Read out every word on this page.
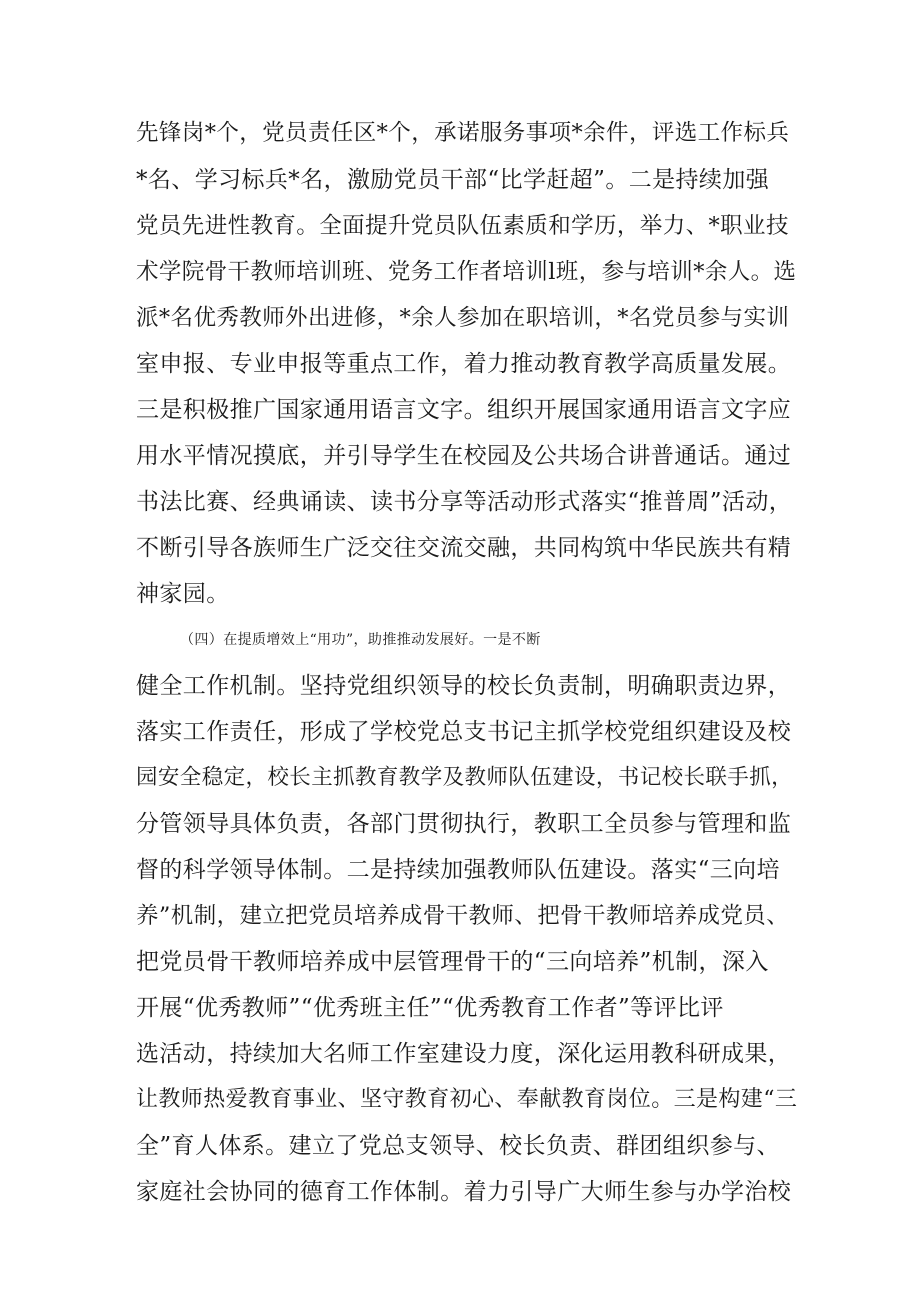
先锋岗*个，党员责任区*个，承诺服务事项*余件，评选工作标兵
*名、学习标兵*名，激励党员干部“比学赶超”。二是持续加强
党员先进性教育。全面提升党员队伍素质和学历，举力、*职业技
术学院骨干教师培训班、党务工作者培训l班，参与培训*余人。选
派*名优秀教师外出进修，*余人参加在职培训，*名党员参与实训
室申报、专业申报等重点工作，着力推动教育教学高质量发展。
三是积极推广国家通用语言文字。组织开展国家通用语言文字应
用水平情况摸底，并引导学生在校园及公共场合讲普通话。通过
书法比赛、经典诵读、读书分享等活动形式落实“推普周”活动，
不断引导各族师生广泛交往交流交融，共同构筑中华民族共有精
神家园。
（四）在提质增效上“用功”，助推推动发展好。一是不断
健全工作机制。坚持党组织领导的校长负责制，明确职责边界，
落实工作责任，形成了学校党总支书记主抓学校党组织建设及校
园安全稳定，校长主抓教育教学及教师队伍建设，书记校长联手抓，
分管领导具体负责，各部门贯彻执行，教职工全员参与管理和监
督的科学领导体制。二是持续加强教师队伍建设。落实“三向培
养”机制，建立把党员培养成骨干教师、把骨干教师培养成党员、
把党员骨干教师培养成中层管理骨干的“三向培养”机制，深入
开展“优秀教师”“优秀班主任”“优秀教育工作者”等评比评
选活动，持续加大名师工作室建设力度，深化运用教科研成果，
让教师热爱教育事业、坚守教育初心、奉献教育岗位。三是构建“三
全”育人体系。建立了党总支领导、校长负责、群团组织参与、
家庭社会协同的德育工作体制。着力引导广大师生参与办学治校
